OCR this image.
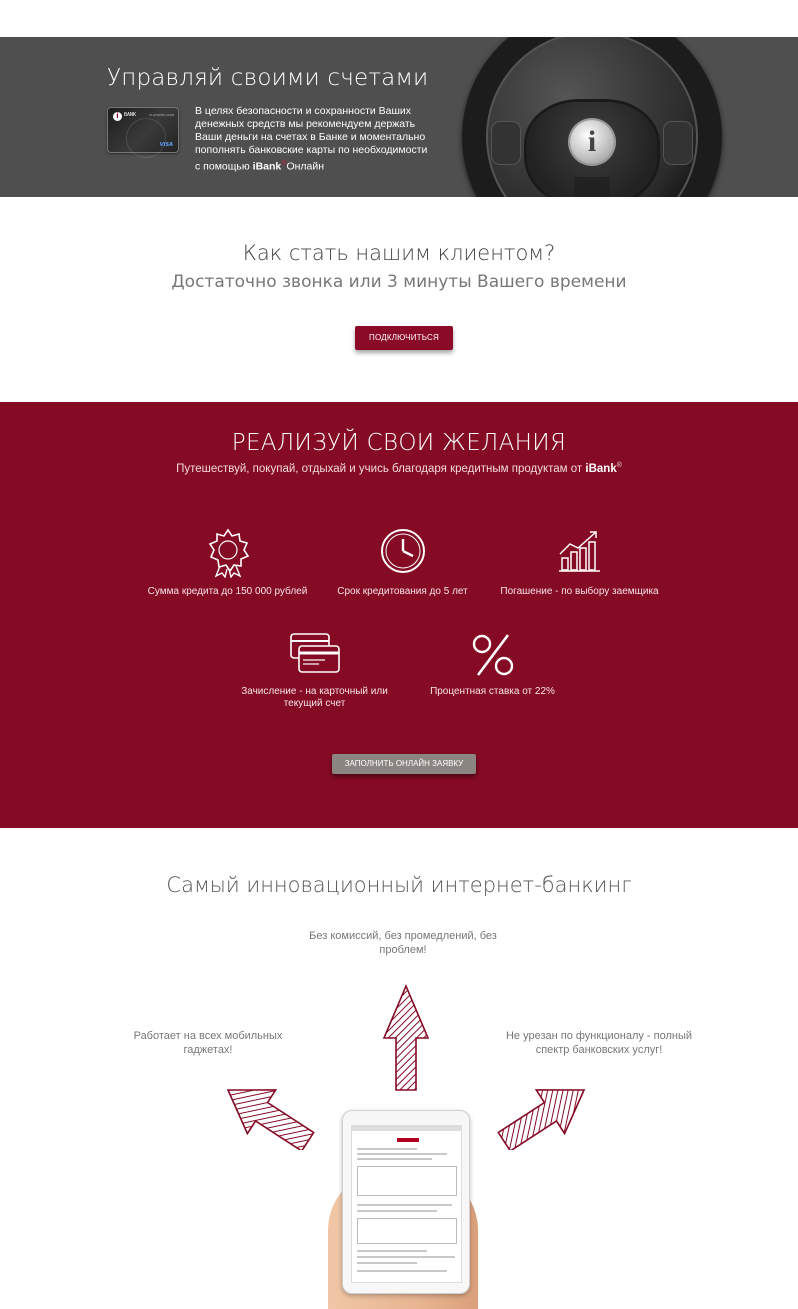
i
Управляй своими счетами
i	BANK	PLATINUM CARD
VISA

В целях безопасности и сохранности Ваших денежных средств мы рекомендуем держать Ваши деньги на счетах в Банке и моментально пополнять банковские карты по необходимости с помощью iBank®Онлайн

Как стать нашим клиентом?

Достаточно звонка или 3 минуты Вашего времени

ПОДКЛЮЧИТЬСЯ
РЕАЛИЗУЙ СВОИ ЖЕЛАНИЯ

Путешествуй, покупай, отдыхай и учись благодаря кредитным продуктам от iBank®

Сумма кредита до 150 000 рублей	Срок кредитования до 5 лет	Погашение - по выбору заемщика
Зачисление - на карточный или текущий счет
Процентная ставка от 22%
ЗАПОЛНИТЬ ОНЛАЙН ЗАЯВКУ
Самый инновационный интернет-банкинг

Без комиссий, без промедлений, без проблем!

Работает на всех мобильных гаджетах!

Не урезан по функционалу - полный спектр банковских услуг!
